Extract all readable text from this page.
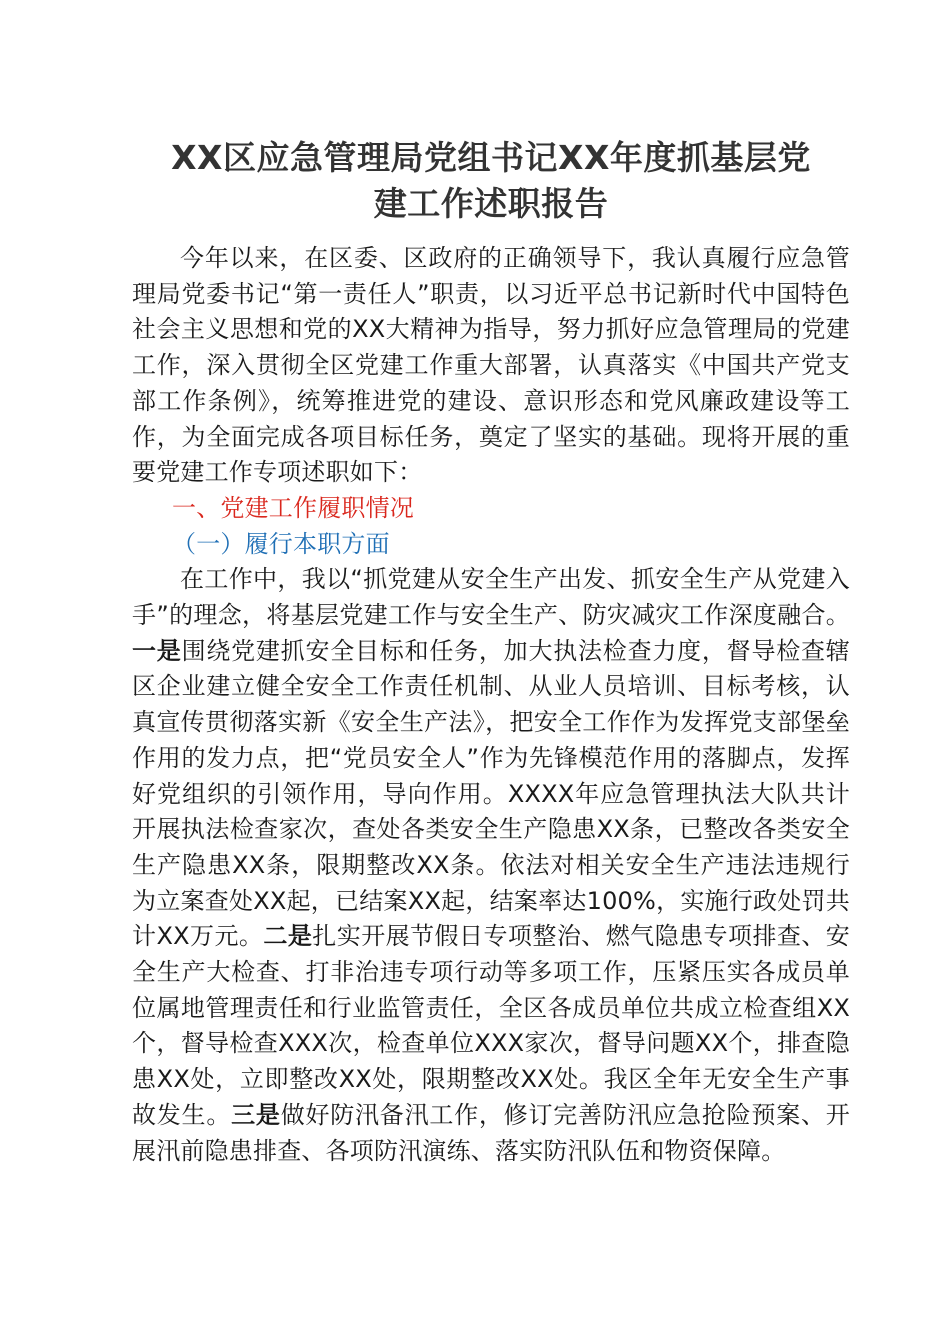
XX区应急管理局党组书记XX年度抓基层党
建工作述职报告

今年以来，在区委、区政府的正确领导下，我认真履行应急管理局党委书记“第一责任人”职责，以习近平总书记新时代中国特色社会主义思想和党的XX大精神为指导，努力抓好应急管理局的党建工作，深入贯彻全区党建工作重大部署，认真落实《中国共产党支部工作条例》，统筹推进党的建设、意识形态和党风廉政建设等工作，为全面完成各项目标任务，奠定了坚实的基础。现将开展的重要党建工作专项述职如下：

一、党建工作履职情况

（一）履行本职方面

在工作中，我以“抓党建从安全生产出发、抓安全生产从党建入手”的理念，将基层党建工作与安全生产、防灾减灾工作深度融合。一是围绕党建抓安全目标和任务，加大执法检查力度，督导检查辖区企业建立健全安全工作责任机制、从业人员培训、目标考核，认真宣传贯彻落实新《安全生产法》，把安全工作作为发挥党支部堡垒作用的发力点，把“党员安全人”作为先锋模范作用的落脚点，发挥好党组织的引领作用，导向作用。XXXX年应急管理执法大队共计开展执法检查家次，查处各类安全生产隐患XX条，已整改各类安全生产隐患XX条，限期整改XX条。依法对相关安全生产违法违规行为立案查处XX起，已结案XX起，结案率达100%，实施行政处罚共计XX万元。二是扎实开展节假日专项整治、燃气隐患专项排查、安全生产大检查、打非治违专项行动等多项工作，压紧压实各成员单位属地管理责任和行业监管责任，全区各成员单位共成立检查组XX个，督导检查XXX次，检查单位XXX家次，督导问题XX个，排查隐患XX处，立即整改XX处，限期整改XX处。我区全年无安全生产事故发生。三是做好防汛备汛工作，修订完善防汛应急抢险预案、开展汛前隐患排查、各项防汛演练、落实防汛队伍和物资保障。
